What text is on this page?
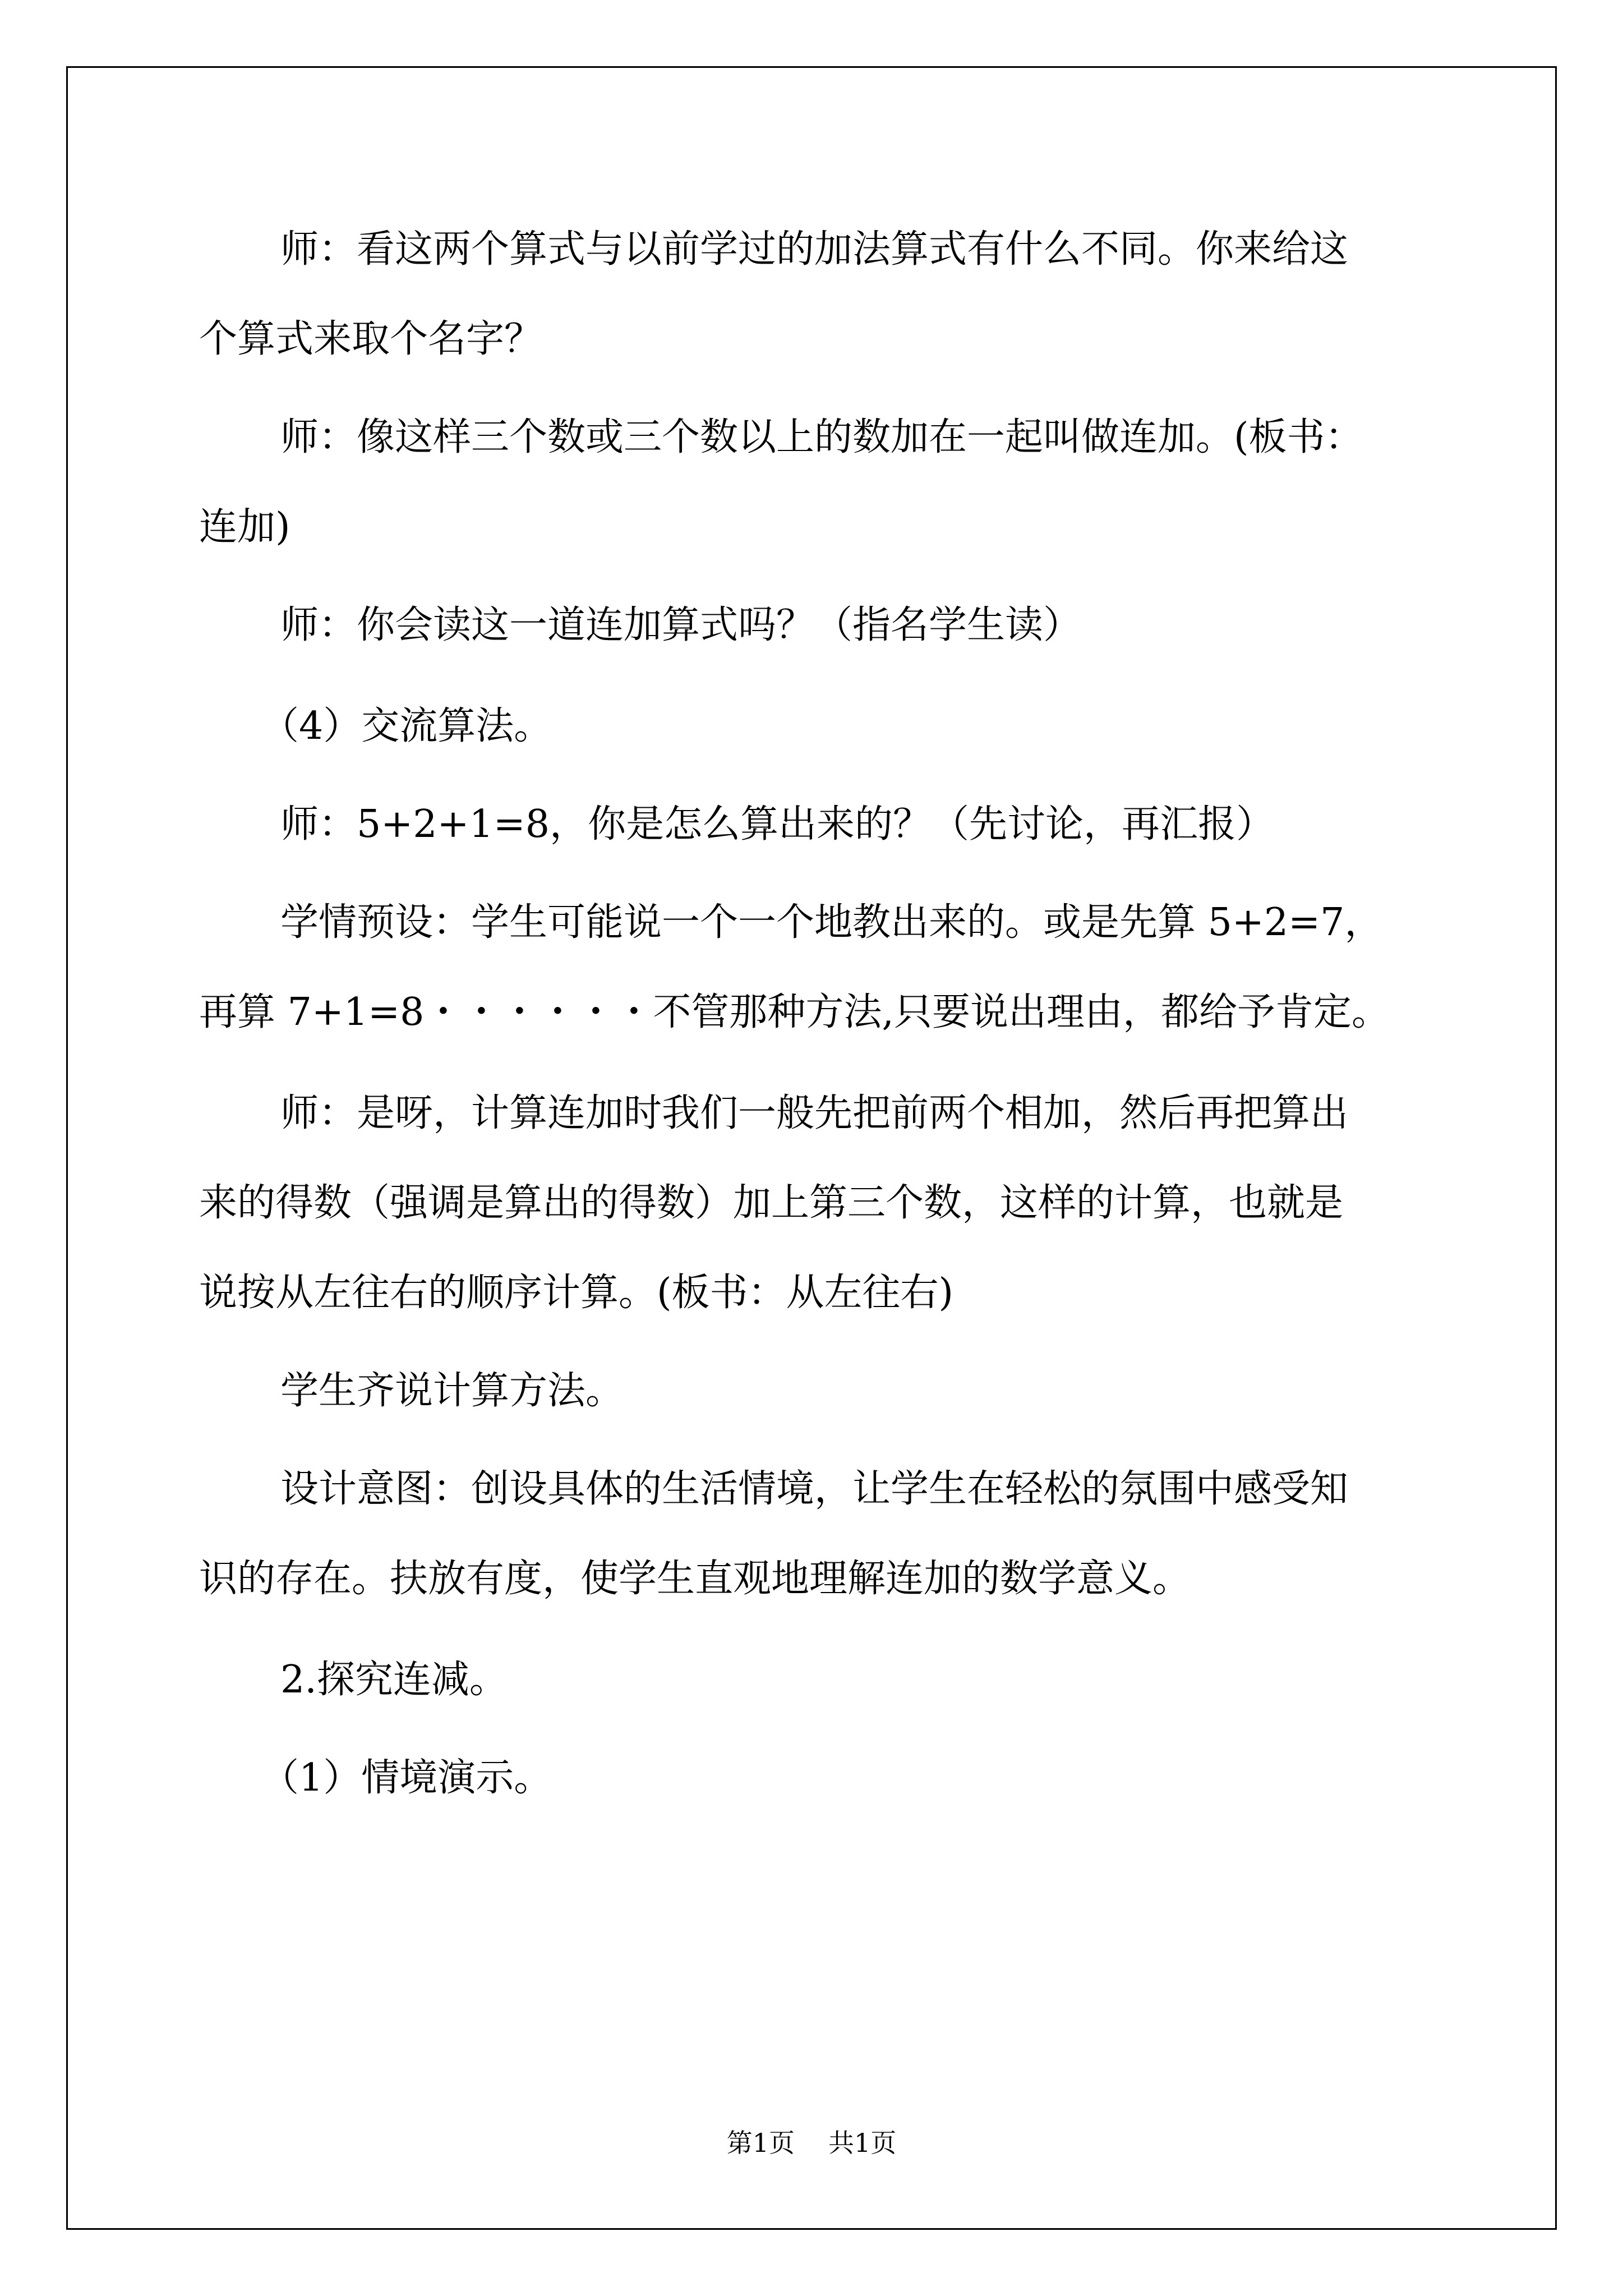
师：看这两个算式与以前学过的加法算式有什么不同。你来给这
个算式来取个名字？
师：像这样三个数或三个数以上的数加在一起叫做连加。(板书：
连加)
师：你会读这一道连加算式吗？（指名学生读）
（4）交流算法。
师：5+2+1=8，你是怎么算出来的？（先讨论，再汇报）
学情预设：学生可能说一个一个地教出来的。或是先算 5+2=7，
再算 7+1=8・・・・・・不管那种方法,只要说出理由，都给予肯定。
师：是呀，计算连加时我们一般先把前两个相加，然后再把算出
来的得数（强调是算出的得数）加上第三个数，这样的计算，也就是
说按从左往右的顺序计算。(板书：从左往右)
学生齐说计算方法。
设计意图：创设具体的生活情境，让学生在轻松的氛围中感受知
识的存在。扶放有度，使学生直观地理解连加的数学意义。
2.探究连减。
（1）情境演示。
第1页 共1页
